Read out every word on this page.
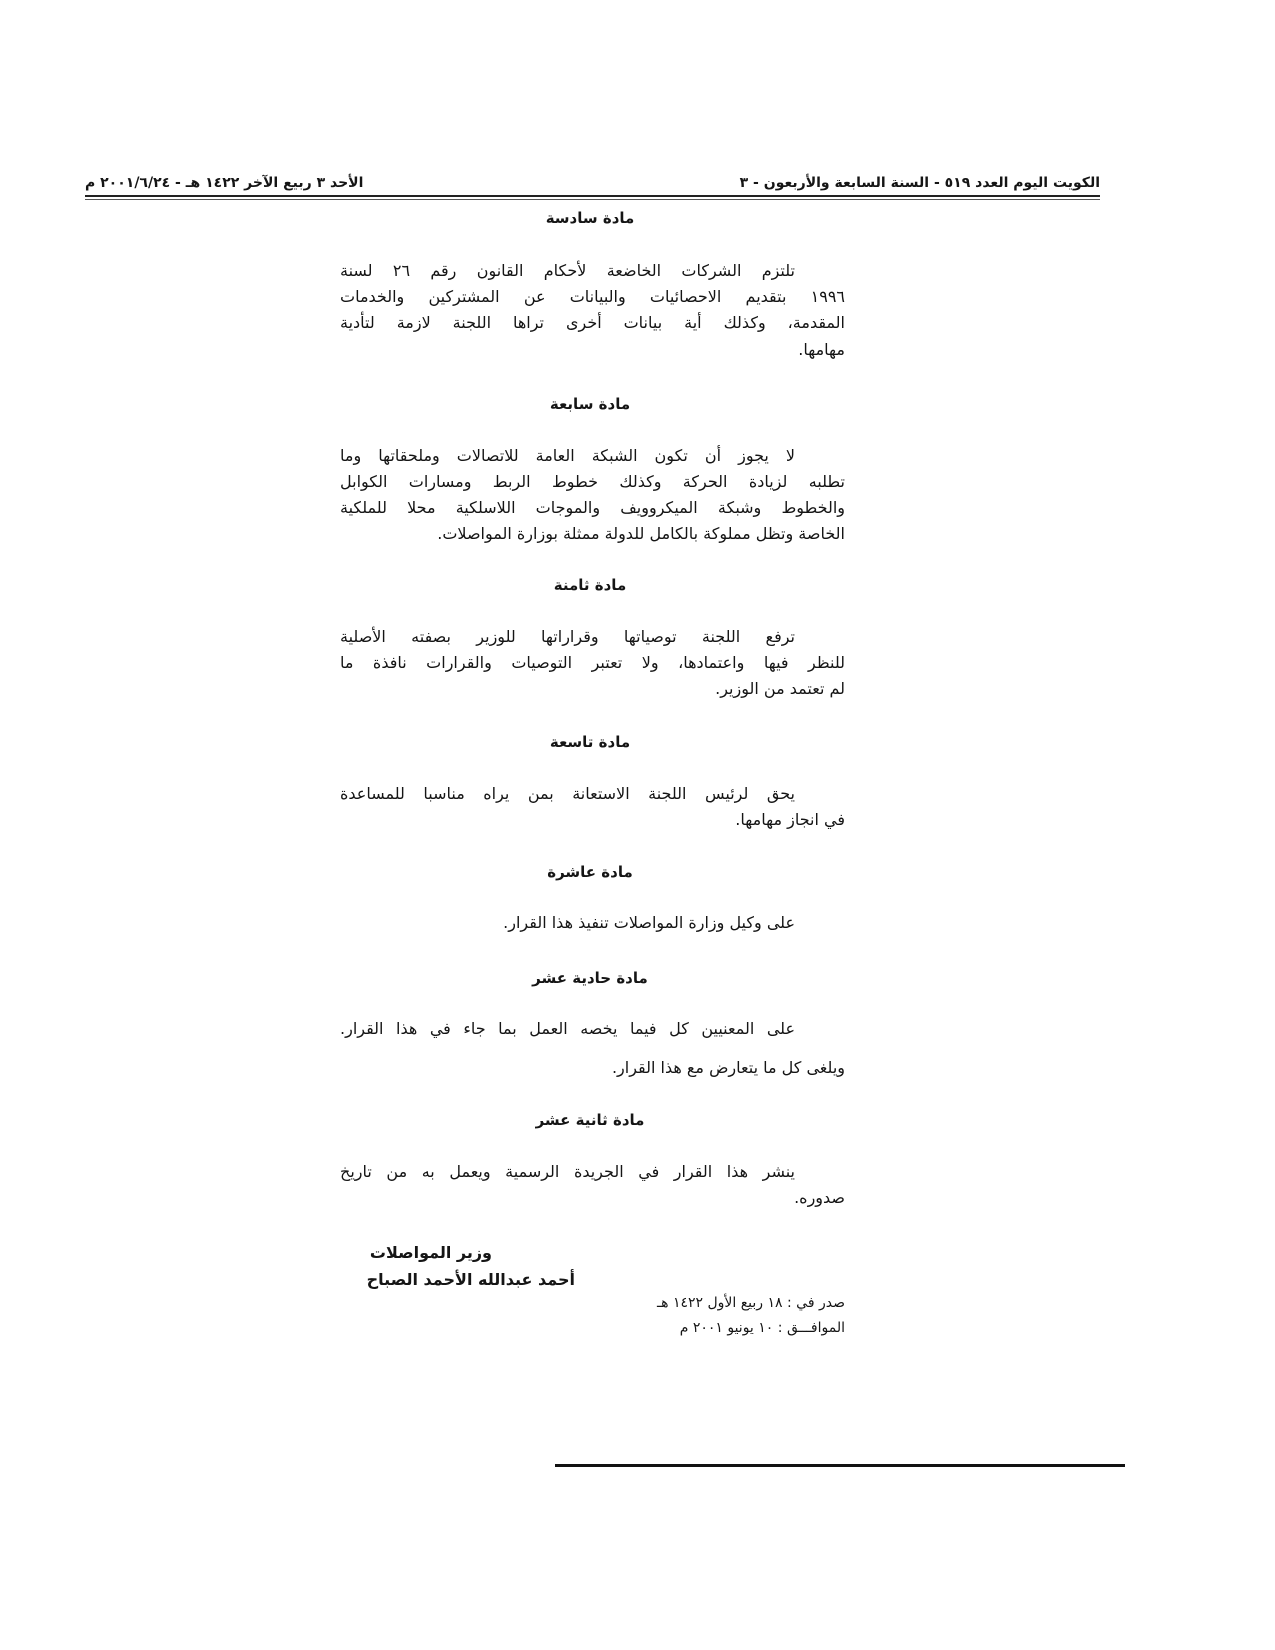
الكويت اليوم العدد ٥١٩ - السنة السابعة والأربعون - ٣
الأحد ٣ ربيع الآخر ١٤٢٢ هـ - ٢٠٠١/٦/٢٤ م
مادة سادسة
تلتزم الشركات الخاضعة لأحكام القانون رقم ٢٦ لسنة
١٩٩٦ بتقديم الاحصائيات والبيانات عن المشتركين والخدمات
المقدمة، وكذلك أية بيانات أخرى تراها اللجنة لازمة لتأدية
مهامها.
مادة سابعة
لا يجوز أن تكون الشبكة العامة للاتصالات وملحقاتها وما
تطلبه لزيادة الحركة وكذلك خطوط الربط ومسارات الكوابل
والخطوط وشبكة الميكروويف والموجات اللاسلكية محلا للملكية
الخاصة وتظل مملوكة بالكامل للدولة ممثلة بوزارة المواصلات.
مادة ثامنة
ترفع اللجنة توصياتها وقراراتها للوزير بصفته الأصلية
للنظر فيها واعتمادها، ولا تعتبر التوصيات والقرارات نافذة ما
لم تعتمد من الوزير.
مادة تاسعة
يحق لرئيس اللجنة الاستعانة بمن يراه مناسبا للمساعدة
في انجاز مهامها.
مادة عاشرة
على وكيل وزارة المواصلات تنفيذ هذا القرار.
مادة حادية عشر
على المعنيين كل فيما يخصه العمل بما جاء في هذا القرار.
ويلغى كل ما يتعارض مع هذا القرار.
مادة ثانية عشر
ينشر هذا القرار في الجريدة الرسمية ويعمل به من تاريخ
صدوره.
وزير المواصلات
أحمد عبدالله الأحمد الصباح
صدر في : ١٨ ربيع الأول ١٤٢٢ هـ
الموافـــق : ١٠ يونيو ٢٠٠١ م
